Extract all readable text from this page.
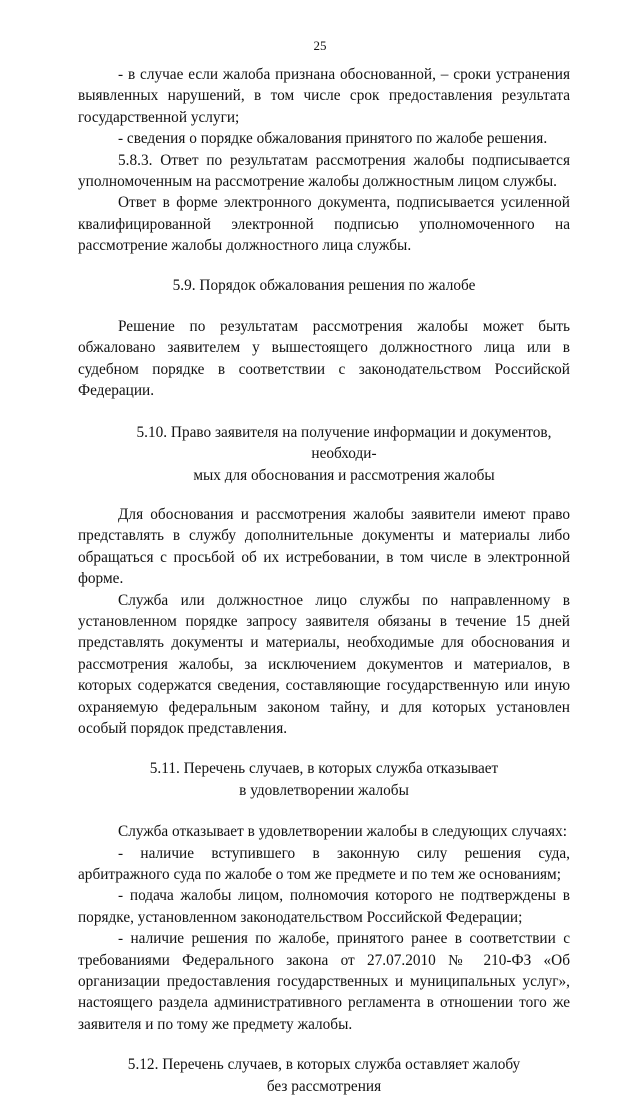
25

- в случае если жалоба признана обоснованной, – сроки устранения выявленных нарушений, в том числе срок предоставления результата государственной услуги;

- сведения о порядке обжалования принятого по жалобе решения.

5.8.3. Ответ по результатам рассмотрения жалобы подписывается уполномоченным на рассмотрение жалобы должностным лицом службы.

Ответ в форме электронного документа, подписывается усиленной квалифицированной электронной подписью уполномоченного на рассмотрение жалобы должностного лица службы.

5.9. Порядок обжалования решения по жалобе

Решение по результатам рассмотрения жалобы может быть обжаловано заявителем у вышестоящего должностного лица или в судебном порядке в соответствии с законодательством Российской Федерации.

5.10. Право заявителя на получение информации и документов, необходи-
мых для обоснования и рассмотрения жалобы

Для обоснования и рассмотрения жалобы заявители имеют право представлять в службу дополнительные документы и материалы либо обращаться с просьбой об их истребовании, в том числе в электронной форме.

Служба или должностное лицо службы по направленному в установленном порядке запросу заявителя обязаны в течение 15 дней представлять документы и материалы, необходимые для обоснования и рассмотрения жалобы, за исключением документов и материалов, в которых содержатся сведения, составляющие государственную или иную охраняемую федеральным законом тайну, и для которых установлен особый порядок представления.

5.11. Перечень случаев, в которых служба отказывает
в удовлетворении жалобы

Служба отказывает в удовлетворении жалобы в следующих случаях:

- наличие вступившего в законную силу решения суда, арбитражного суда по жалобе о том же предмете и по тем же основаниям;

- подача жалобы лицом, полномочия которого не подтверждены в порядке, установленном законодательством Российской Федерации;

- наличие решения по жалобе, принятого ранее в соответствии с требованиями Федерального закона от 27.07.2010 № 210-ФЗ «Об организации предоставления государственных и муниципальных услуг», настоящего раздела административного регламента в отношении того же заявителя и по тому же предмету жалобы.

5.12. Перечень случаев, в которых служба оставляет жалобу
без рассмотрения
